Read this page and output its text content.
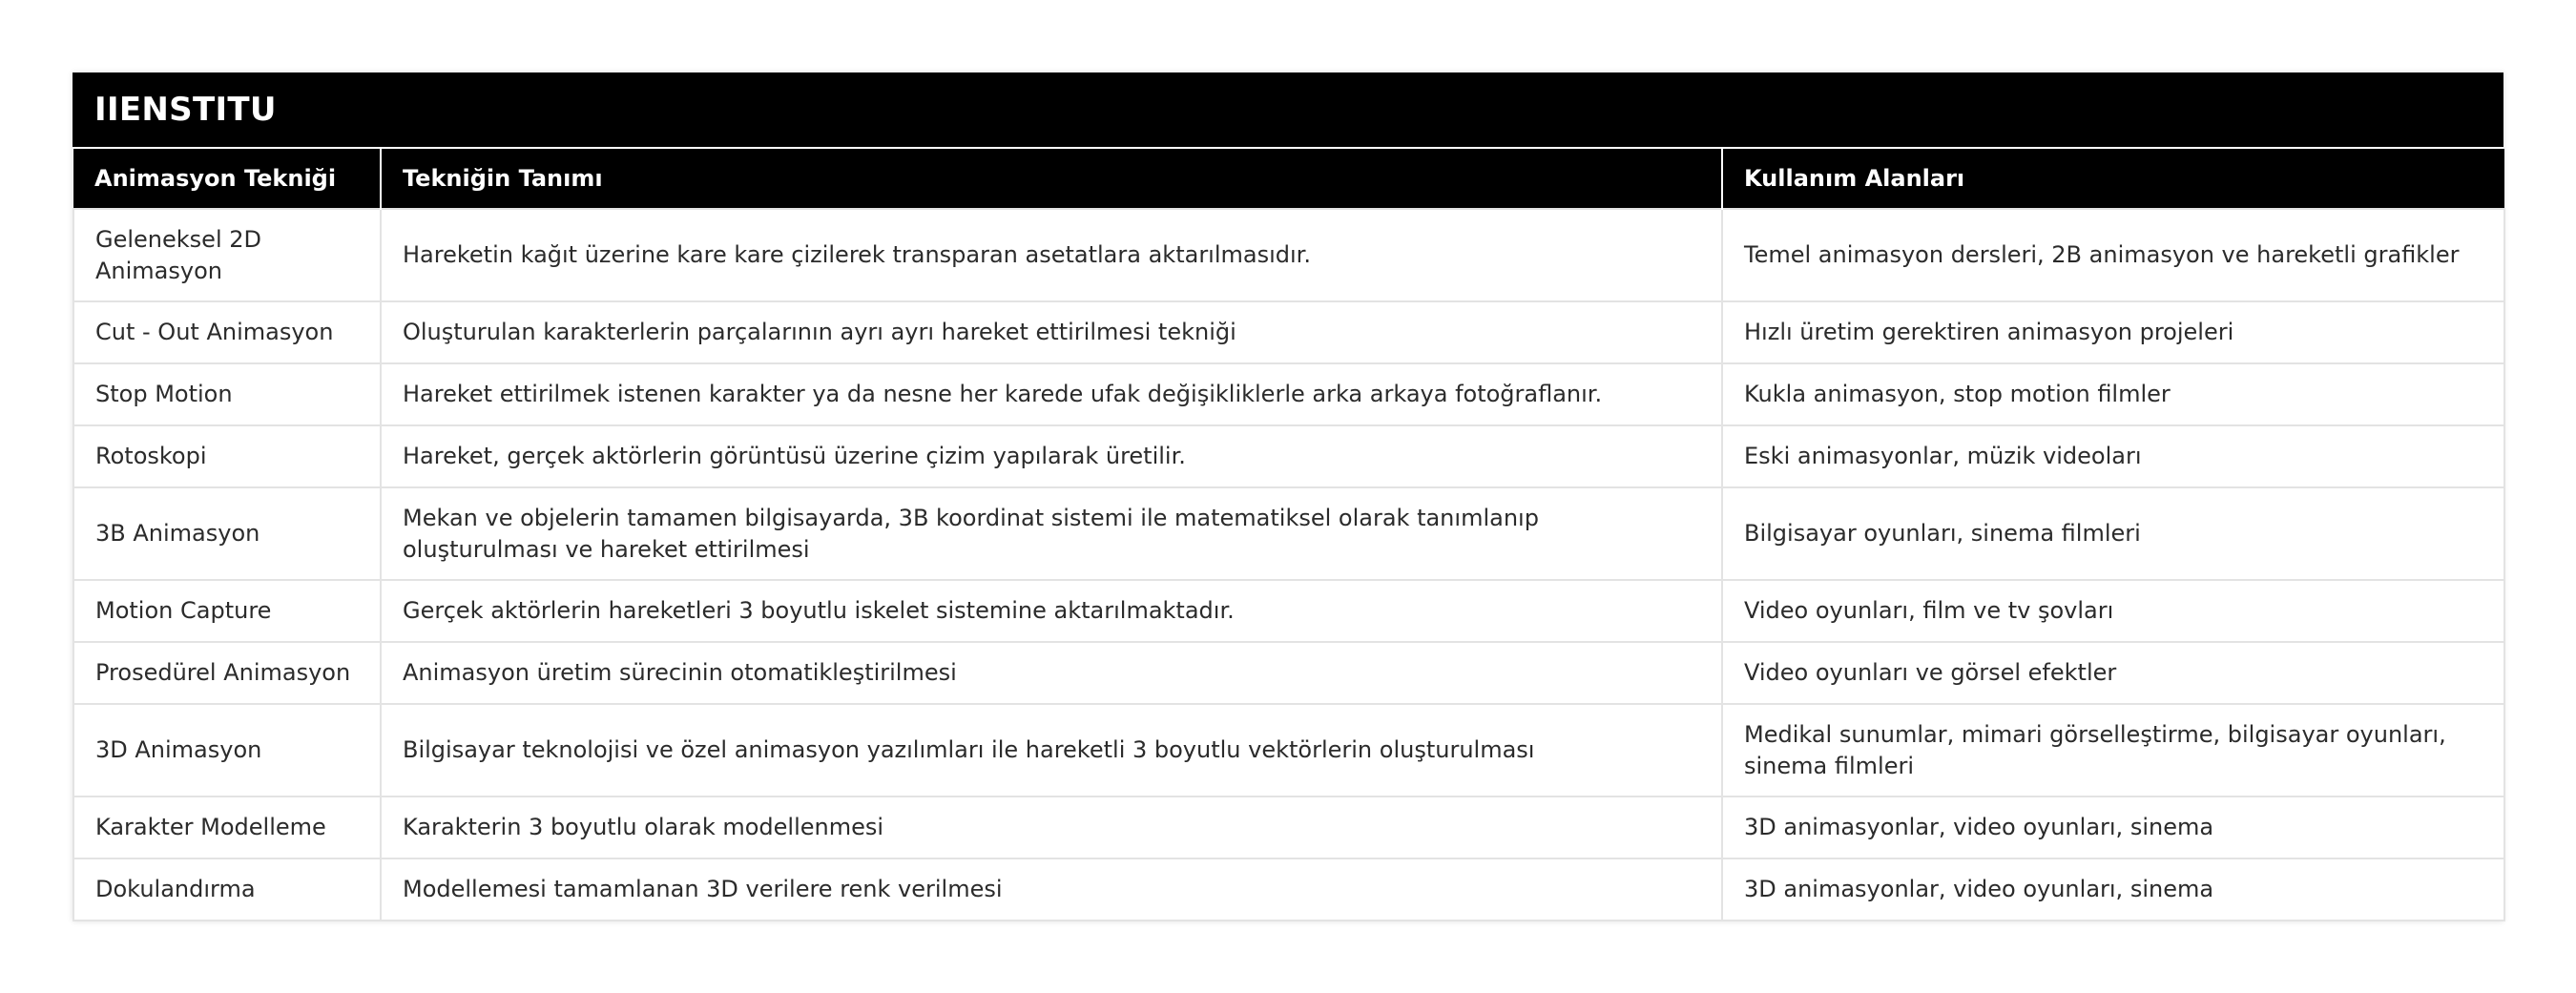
IIENSTITU
Animasyon Tekniği	Tekniğin Tanımı	Kullanım Alanları
Geleneksel 2D Animasyon	Hareketin kağıt üzerine kare kare çizilerek transparan asetatlara aktarılmasıdır.	Temel animasyon dersleri, 2B animasyon ve hareketli grafikler
Cut - Out Animasyon	Oluşturulan karakterlerin parçalarının ayrı ayrı hareket ettirilmesi tekniği	Hızlı üretim gerektiren animasyon projeleri
Stop Motion	Hareket ettirilmek istenen karakter ya da nesne her karede ufak değişikliklerle arka arkaya fotoğraflanır.	Kukla animasyon, stop motion filmler
Rotoskopi	Hareket, gerçek aktörlerin görüntüsü üzerine çizim yapılarak üretilir.	Eski animasyonlar, müzik videoları
3B Animasyon	Mekan ve objelerin tamamen bilgisayarda, 3B koordinat sistemi ile matematiksel olarak tanımlanıp oluşturulması ve hareket ettirilmesi	Bilgisayar oyunları, sinema filmleri
Motion Capture	Gerçek aktörlerin hareketleri 3 boyutlu iskelet sistemine aktarılmaktadır.	Video oyunları, film ve tv şovları
Prosedürel Animasyon	Animasyon üretim sürecinin otomatikleştirilmesi	Video oyunları ve görsel efektler
3D Animasyon	Bilgisayar teknolojisi ve özel animasyon yazılımları ile hareketli 3 boyutlu vektörlerin oluşturulması	Medikal sunumlar, mimari görselleştirme, bilgisayar oyunları, sinema filmleri
Karakter Modelleme	Karakterin 3 boyutlu olarak modellenmesi	3D animasyonlar, video oyunları, sinema
Dokulandırma	Modellemesi tamamlanan 3D verilere renk verilmesi	3D animasyonlar, video oyunları, sinema
